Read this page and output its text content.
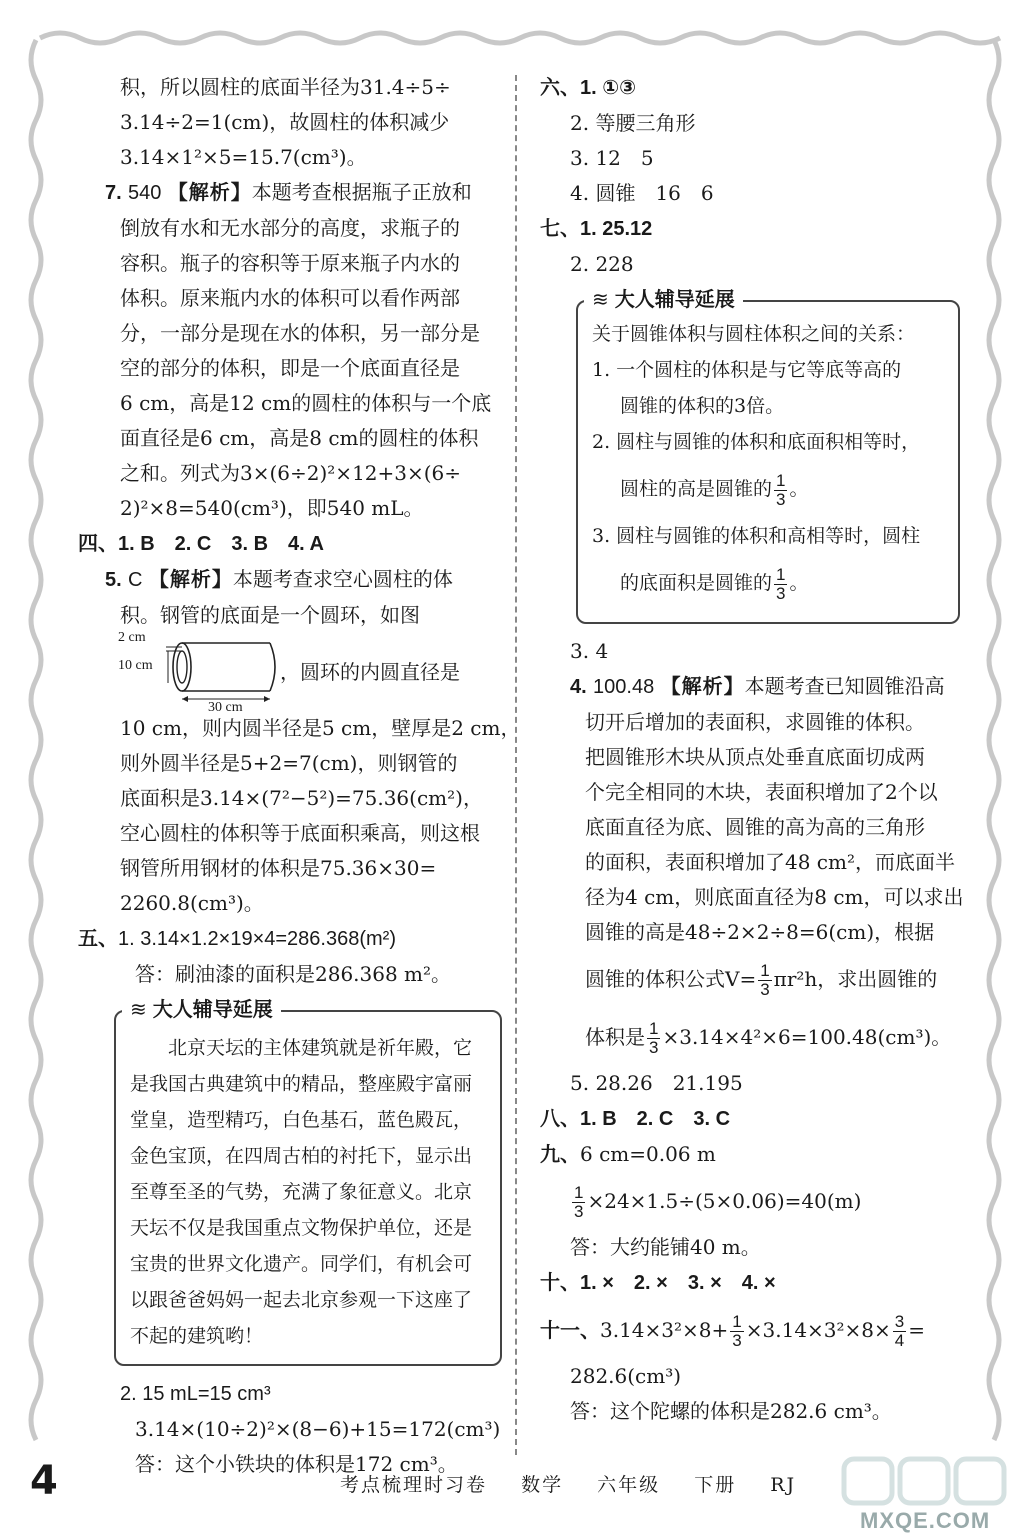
积，所以圆柱的底面半径为31.4÷5÷
3.14÷2=1(cm)，故圆柱的体积减少
3.14×1²×5=15.7(cm³)。
7. 540 【解析】本题考查根据瓶子正放和
倒放有水和无水部分的高度，求瓶子的
容积。瓶子的容积等于原来瓶子内水的
体积。原来瓶内水的体积可以看作两部
分，一部分是现在水的体积，另一部分是
空的部分的体积，即是一个底面直径是
6 cm，高是12 cm的圆柱的体积与一个底
面直径是6 cm，高是8 cm的圆柱的体积
之和。列式为3×(6÷2)²×12+3×(6÷
2)²×8=540(cm³)，即540 mL。
四、1. B　2. C　3. B　4. A
5. C 【解析】本题考查求空心圆柱的体
积。钢管的底面是一个圆环，如图
2 cm
10 cm
30 cm
，圆环的内圆直径是
10 cm，则内圆半径是5 cm，壁厚是2 cm，
则外圆半径是5+2=7(cm)，则钢管的
底面积是3.14×(7²−5²)=75.36(cm²)，
空心圆柱的体积等于底面积乘高，则这根
钢管所用钢材的体积是75.36×30=
2260.8(cm³)。
五、1. 3.14×1.2×19×4=286.368(m²)
答：刷油漆的面积是286.368 m²。
≋ 大人辅导延展

北京天坛的主体建筑就是祈年殿，它是我国古典建筑中的精品，整座殿宇富丽堂皇，造型精巧，白色基石，蓝色殿瓦，金色宝顶，在四周古柏的衬托下，显示出至尊至圣的气势，充满了象征意义。北京天坛不仅是我国重点文物保护单位，还是宝贵的世界文化遗产。同学们，有机会可以跟爸爸妈妈一起去北京参观一下这座了不起的建筑哟！

2. 15 mL=15 cm³
3.14×(10÷2)²×(8−6)+15=172(cm³)
答：这个小铁块的体积是172 cm³。
六、1. ①③
2. 等腰三角形
3. 12　5
4. 圆锥　16　6
七、1. 25.12
2. 228
≋ 大人辅导延展
关于圆锥体积与圆柱体积之间的关系：
1. 一个圆柱的体积是与它等底等高的
圆锥的体积的3倍。
2. 圆柱与圆锥的体积和底面积相等时，
圆柱的高是圆锥的 $\frac{1}{3}$ 。
3. 圆柱与圆锥的体积和高相等时，圆柱
的底面积是圆锥的 $\frac{1}{3}$ 。
3. 4
4. 100.48 【解析】本题考查已知圆锥沿高
切开后增加的表面积，求圆锥的体积。
把圆锥形木块从顶点处垂直底面切成两
个完全相同的木块，表面积增加了2个以
底面直径为底、圆锥的高为高的三角形
的面积，表面积增加了48 cm²，而底面半
径为4 cm，则底面直径为8 cm，可以求出
圆锥的高是48÷2×2÷8=6(cm)，根据
圆锥的体积公式$V= \frac{1}{3} \pi r^2h$，求出圆锥的
体积是 $\frac{1}{3} \times 3.14\times 4^2\times 6=100.48(cm^3)$。
5. 28.26　21.195
八、1. B　2. C　3. C
九、6 cm=0.06 m
$\frac{1}{3} \times 24\times 1.5\div(5\times 0.06)=40(m)$
答：大约能铺40 m。
十、1. ×　2. ×　3. ×　4. ×
十一、$3.14\times 3^2\times 8+ \frac{1}{3} \times 3.14\times 3^2\times 8\times \frac{3}{4}$ =
282.6(cm³)
答：这个陀螺的体积是282.6 cm³。
4	考点梳理时习卷 数学 六年级 下册 RJ
MXQE.COM
